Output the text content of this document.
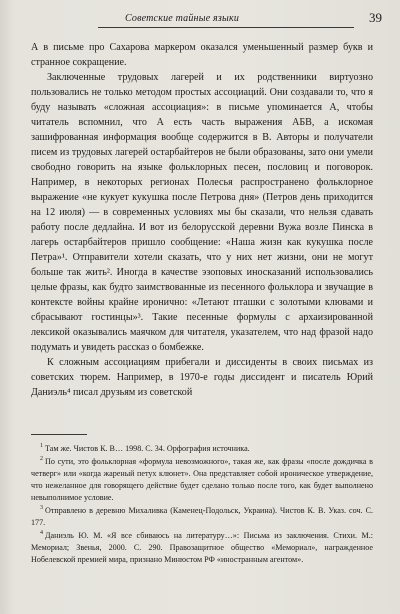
Советские тайные языки	39

А в письме про Сахарова маркером оказался уменьшенный размер букв и странное сокращение.

Заключенные трудовых лагерей и их родственники виртуозно пользовались не только методом простых ассоциаций. Они создавали то, что я буду называть «сложная ассоциация»: в письме упоминается А, чтобы читатель вспомнил, что А есть часть выражения АБВ, а искомая зашифрованная информация вообще содержится в В. Авторы и получатели писем из трудовых лагерей остарбайтеров не были образованы, зато они умели свободно говорить на языке фольклорных песен, пословиц и поговорок. Например, в некоторых регионах Полесья распространено фольклорное выражение «не кукует кукушка после Петрова дня» (Петров день приходится на 12 июля) — в современных условиях мы бы сказали, что нельзя сдавать работу после дедлайна. И вот из белорусской деревни Вужа возле Пинска в лагерь остарбайтеров пришло сообщение: «Наша жизн как кукушка после Петра»¹. Отправители хотели сказать, что у них нет жизни, они не могут больше так жить². Иногда в качестве эзоповых иносказаний использовались целые фразы, как будто заимствованные из песенного фольклора и звучащие в контексте войны крайне иронично: «Летают пташки с золотыми клювами и сбрасывают гостинцы»³. Такие песенные формулы с архаизированной лексикой оказывались маячком для читателя, указателем, что над фразой надо подумать и увидеть рассказ о бомбежке.

К сложным ассоциациям прибегали и диссиденты в своих письмах из советских тюрем. Например, в 1970-е годы диссидент и писатель Юрий Даниэль⁴ писал друзьям из советской

$^1$ Там же. Чистов К. В… 1998. С. 34. Орфография источника.

$^2$ По сути, это фольклорная «формула невозможного», такая же, как фразы «после дождичка в четверг» или «когда жареный петух клюнет». Она представляет собой ироническое утверждение, что нежеланное для говорящего действие будет сделано только после того, как будет выполнено невыполнимое условие.

$^3$ Отправлено в деревню Михаливка (Каменец-Подольск, Украина). Чистов К. В. Указ. соч. С. 177.

$^4$ Даниэль Ю. М. «Я все сбиваюсь на литературу…»: Письма из заключения. Стихи. М.: Мемориал; Звенья, 2000. С. 290. Правозащитное общество «Мемориал», награжденное Нобелевской премией мира, признано Минюстом РФ «иностранным агентом».
